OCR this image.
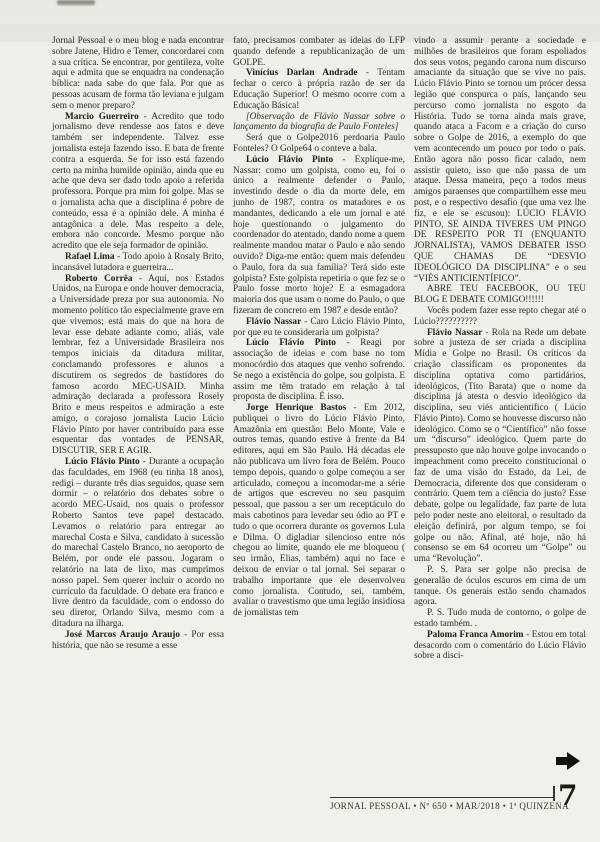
Jornal Pessoal e o meu blog e nada encontrar sobre Jatene, Hidro e Temer, concordarei com a sua crítica. Se encontrar, por gentileza, volte aqui e admita que se enquadra na condenação bíblica: nada sabe do que fala. Por que as pessoas acusam de forma tão leviana e julgam sem o menor preparo?

Marcio Guerreiro - Acredito que todo jornalismo deve rendesse aos fatos e deve também ser independente. Talvez esse jornalista esteja fazendo isso. E bata de frente contra a esquerda. Se for isso está fazendo certo na minha humilde opinião, ainda que eu ache que deva ser dado todo apoio a referida professora. Porque pra mim foi golpe. Mas se o jornalista acha que a disciplina é pobre de conteúdo, essa é a opinião dele. A minha é antagônica a dele. Mas respeito a dele, embora não concorde. Mesmo porque não acredito que ele seja formador de opinião.

Rafael Lima - Todo apoio à Rosaly Brito, incansável lutadora e guerreira...

Roberto Corrêa - Aqui, nos Estados Unidos, na Europa e onde houver democracia, a Universidade preza por sua autonomia. No momento político tão especialmente grave em que vivemos; está mais do que na hora de levar esse debate adiante como, aliás, vale lembrar, fez a Universidade Brasileira nos tempos iniciais da ditadura militar, conclamando professores e alunos a discutirem os segredos de bastidores do famoso acordo MEC-USAID. Minha admiração declarada a professora Rosely Brito e meus respeitos e admiração a este amigo, o corajoso jornalista Lucio Lúcio Flávio Pinto por haver contribuído para esse esquentar das vontades de PENSAR, DISCUTIR, SER E AGIR.

Lúcio Flávio Pinto - Durante a ocupação das faculdades, em 1968 (eu tinha 18 anos), redigi – durante três dias seguidos, quase sem dormir – o relatório dos debates sobre o acordo MEC-Usaid, nos quais o professor Roberto Santos teve papel destacado. Levamos o relatório para entregar ao marechal Costa e Silva, candidato à sucessão do marechal Castelo Branco, no aeroporto de Belém, por onde ele passou. Jogaram o relatório na lata de lixo, mas cumprimos nosso papel. Sem querer incluir o acordo no currículo da faculdade. O debate era franco e livre dentro da faculdade, com o endosso do seu diretor, Orlando Silva, mesmo com a ditadura na ilharga.

José Marcos Araujo Araujo - Por essa história, que não se resume a esse

fato, precisamos combater as ideias do LFP quando defende a republicanização de um GOLPE.

Vinícius Darlan Andrade - Tentam fechar o cerco à própria razão de ser da Educação Superior! O mesmo ocorre com a Educação Básica!

[Observação de Flávio Nassar sobre o lançamento da biografia de Paulo Fonteles]

Será que o Golpe2016 perdoaria Paulo Fonteles? O Golpe64 o conteve a bala.

Lúcio Flávio Pinto - Explique-me, Nassar: como um golpista, como eu, foi o único a realmente defender o Paulo, investindo desde o dia da morte dele, em junho de 1987, contra os matadores e os mandantes, dedicando a ele um jornal e até hoje questionando o julgamento do coordenador do atentado, dando nome a quem realmente mandou matar o Paulo e não sendo ouvido? Diga-me então: quem mais defendeu o Paulo, fora da sua família? Terá sido este golpista? Este golpista repetiria o que fez se o Paulo fosse morto hoje? E a esmagadora maioria dos que usam o nome do Paulo, o que fizeram de concreto em 1987 e desde então?

Flávio Nassar - Caro Lúcio Flávio Pinto, por que eu te consideraria um golpista?

Lúcio Flávio Pinto - Reagi por associação de ideias e com base no tom monocórdio dos ataques que venho sofrendo. Se nego a existência do golpe, sou golpista. E assim me têm tratado em relação à tal proposta de disciplina. É isso.

Jorge Henrique Bastos - Em 2012, publiquei o livro do Lúcio Flávio Pinto, Amazônia em questão: Belo Monte, Vale e outros temas, quando estive à frente da B4 editores, aqui em São Paulo. Há décadas ele não publicava um livro fora de Belém. Pouco tempo depois, quando o golpe começou a ser articulado, começou a incomodar-me a série de artigos que escreveu no seu pasquim pessoal, que passou a ser um receptáculo do mais cabotinos para levedar seu ódio ao PT e tudo o que ocorrera durante os governos Lula e Dilma. O digladiar silencioso entre nós chegou ao limite, quando ele me bloqueou ( seu irmão, Elias, também) aqui no face e deixou de enviar o tal jornal. Sei separar o trabalho importante que ele desenvolveu como jornalista. Contudo, sei, também, avaliar o travestismo que uma legião insidiosa de jornalistas tem

vindo a assumir perante a sociedade e milhões de brasileiros que foram espoliados dos seus votos, pegando carona num discurso amaciante da situação que se vive no país. Lúcio Flávio Pinto se tornou um prócer dessa legião que conspurca o país, lançando seu percurso como jornalista no esgoto da História. Tudo se torna ainda mais grave, quando ataca a Facom e a criação do curso sobre o Golpe de 2016, a exemplo do que vem acontecendo um pouco por todo o país. Então agora não posso ficar calado, nem assistir quieto, isso que não passa de um ataque. Dessa maneira, peço a todos meus amigos paraenses que compartilhem esse meu post, e o respectivo desafio (que uma vez lhe fiz, e ele se escusou): LÚCIO FLÁVIO PINTO, SE AINDA TIVERES UM PINGO DE RESPEITO POR TI (ENQUANTO JORNALISTA), VAMOS DEBATER ISSO QUE CHAMAS DE “DESVIO IDEOLÓGICO DA DISCIPLINA” e o seu “VIÉS ANTICIENTÍFICO”.

ABRE TEU FACEBOOK, OU TEU BLOG E DEBATE COMIGO!!!!!!

Vocês podem fazer esse repto chegar até o Lúcio??????????

Flávio Nassar - Rola na Rede um debate sobre a justeza de ser criada a disciplina Mídia e Golpe no Brasil. Os críticos da criação classificam os proponentes da disciplina optativa como partidários, ideológicos, (Tito Barata) que o nome da disciplina já atesta o desvio ideológico da disciplina, seu viés anticientífico ( Lúcio Flávio Pinto). Como se houvesse discurso não ideológico. Como se o “Científico” não fosse um “discurso” ideológico. Quem parte do pressuposto que não houve golpe invocando o impeachment como preceito constitucional o faz de uma visão do Estado, da Lei, de Democracia, diferente dos que consideram o contrário. Quem tem a ciência do justo? Esse debate, golpe ou legalidade, faz parte de luta pelo poder neste ano eleitoral, o resultado da eleição definirá, por algum tempo, se foi golpe ou não. Afinal, até hoje, não há consenso se em 64 ocorreu um “Golpe” ou uma “Revolução”.

P. S. Para ser golpe não precisa de generalão de óculos escuros em cima de um tanque. Os generais estão sendo chamados agora.

P. S. Tudo muda de contorno, o golpe de estado também. .

Paloma Franca Amorim - Estou em total desacordo com o comentário do Lúcio Flávio sobre a disci-

JORNAL PESSOAL • Nº 650 • MAR/2018 • 1ª QUINZENA
7
